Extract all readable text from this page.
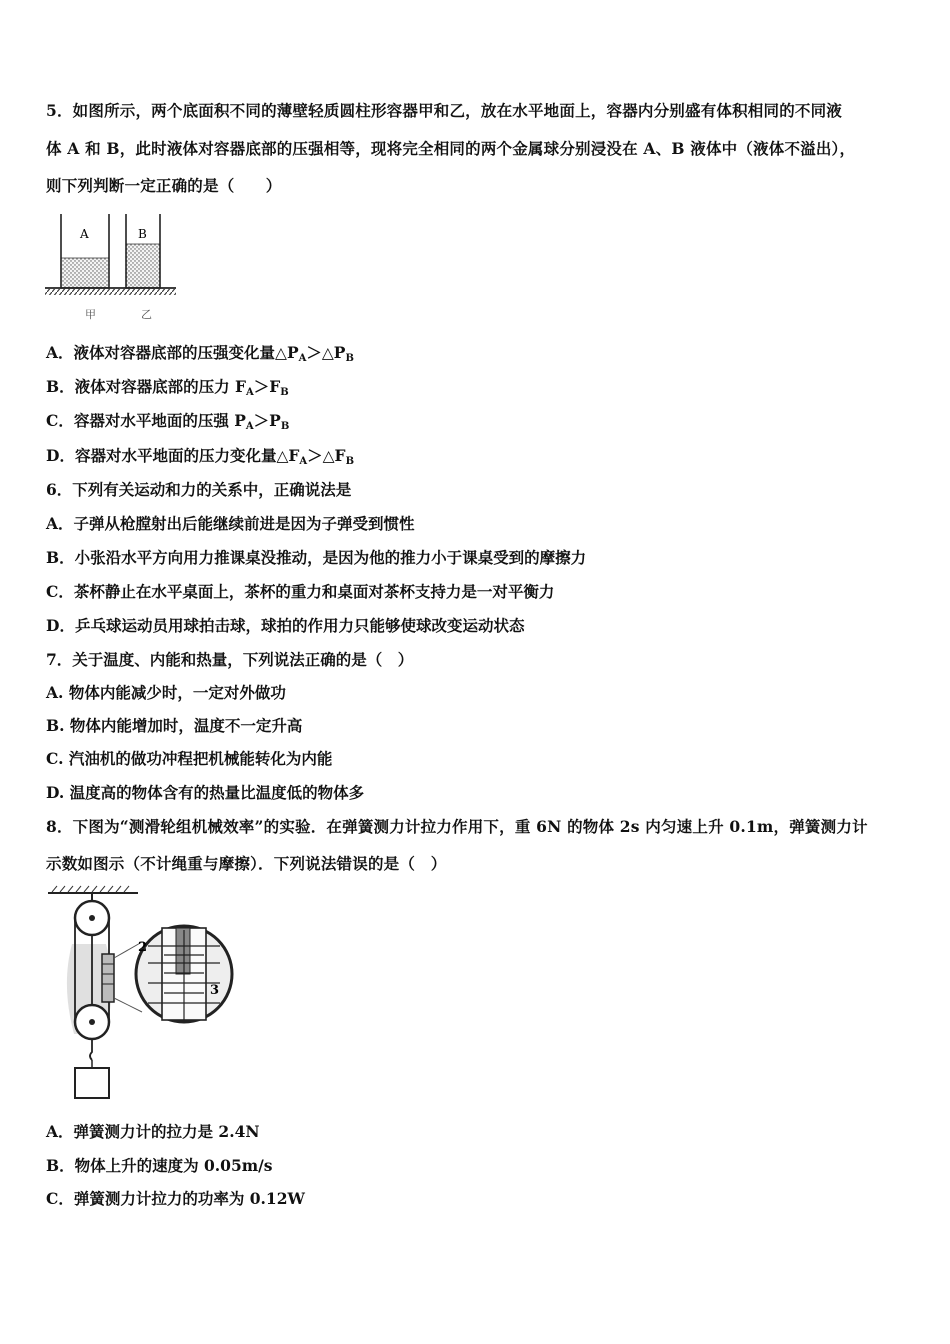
5．如图所示，两个底面积不同的薄壁轻质圆柱形容器甲和乙，放在水平地面上，容器内分别盛有体积相同的不同液
体 A 和 B，此时液体对容器底部的压强相等，现将完全相同的两个金属球分别浸没在 A、B 液体中（液体不溢出），
则下列判断一定正确的是（　　）
A	B
甲	乙
A．液体对容器底部的压强变化量$\triangle P_A>\triangle P_B$
B．液体对容器底部的压力 $F_A>F_B$
C．容器对水平地面的压强 $P_A>P_B$
D．容器对水平地面的压力变化量$\triangle F_A>\triangle F_B$
6．下列有关运动和力的关系中，正确说法是
A．子弹从枪膛射出后能继续前进是因为子弹受到惯性
B．小张沿水平方向用力推课桌没推动，是因为他的推力小于课桌受到的摩擦力
C．茶杯静止在水平桌面上，茶杯的重力和桌面对茶杯支持力是一对平衡力
D．乒乓球运动员用球拍击球，球拍的作用力只能够使球改变运动状态
7．关于温度、内能和热量，下列说法正确的是（　）
A. 物体内能减少时，一定对外做功
B. 物体内能增加时，温度不一定升高
C. 汽油机的做功冲程把机械能转化为内能
D. 温度高的物体含有的热量比温度低的物体多
8．下图为“测滑轮组机械效率”的实验．在弹簧测力计拉力作用下，重 6N 的物体 2s 内匀速上升 0.1m，弹簧测力计
示数如图示（不计绳重与摩擦）．下列说法错误的是（　）
2
3
A．弹簧测力计的拉力是 2.4N
B．物体上升的速度为 0.05m/s
C．弹簧测力计拉力的功率为 0.12W
